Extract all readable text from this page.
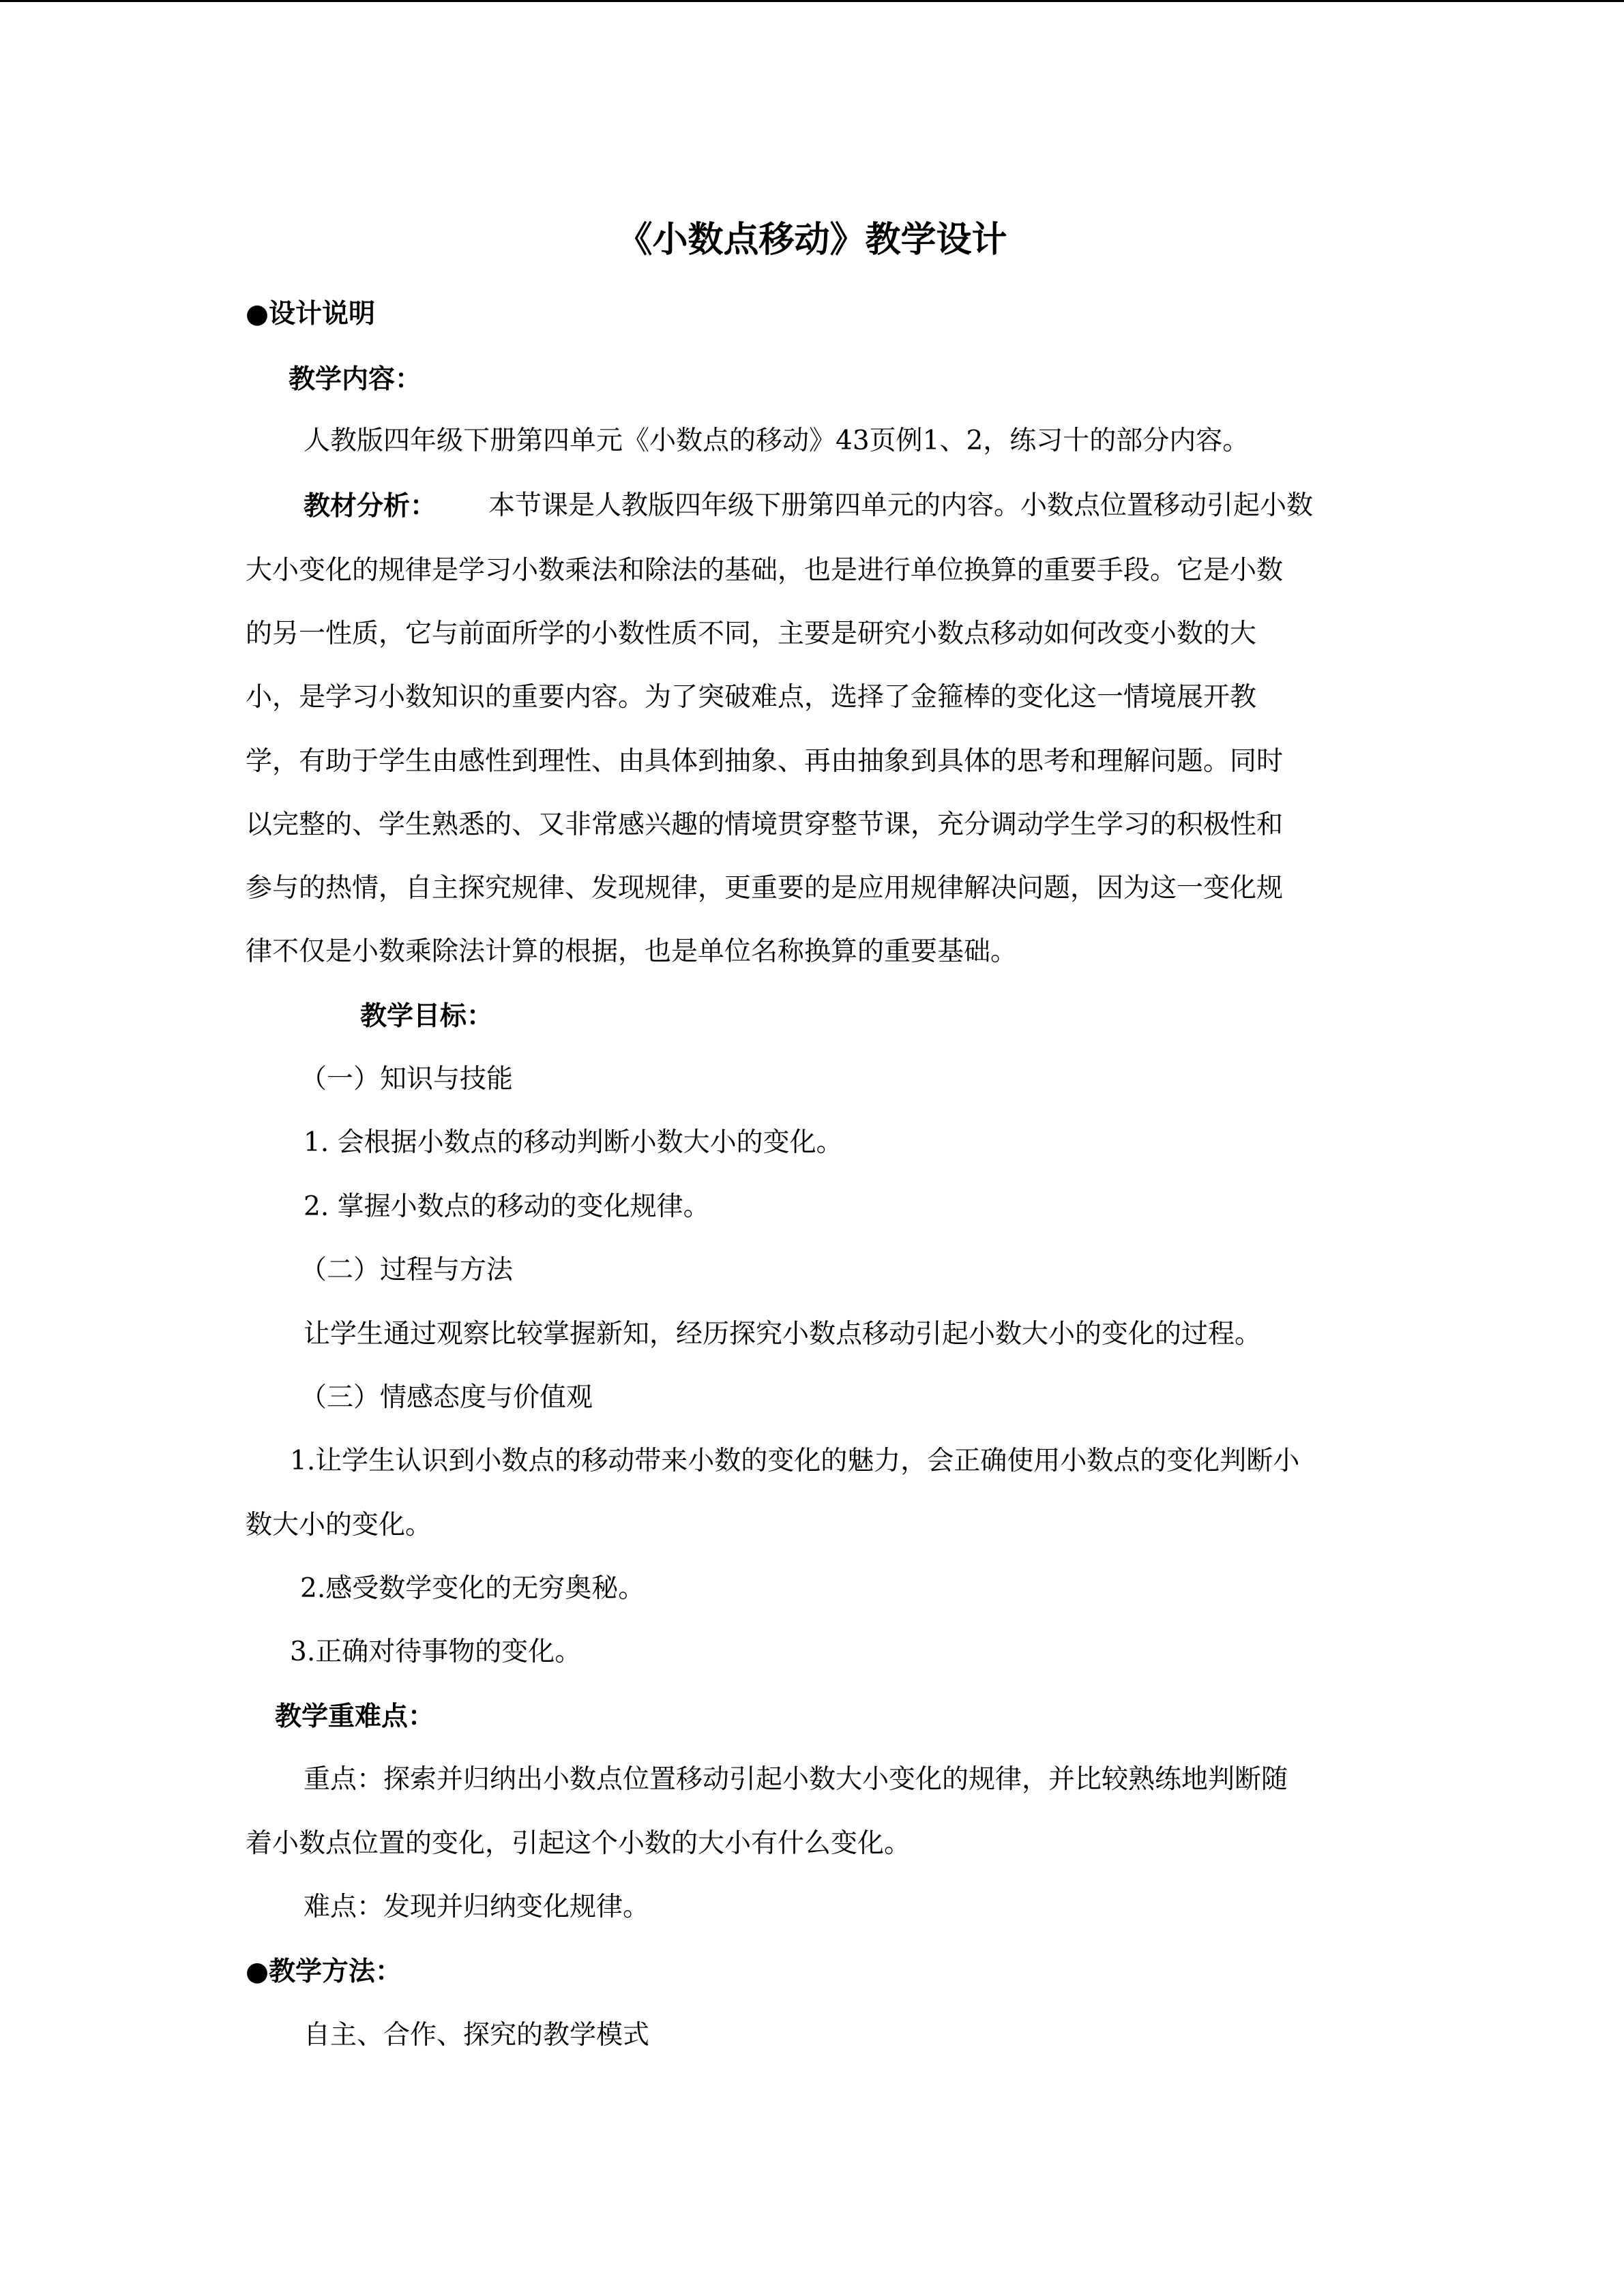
《小数点移动》教学设计
●设计说明
教学内容：
人教版四年级下册第四单元《小数点的移动》43页例1、2，练习十的部分内容。
教材分析： 本节课是人教版四年级下册第四单元的内容。小数点位置移动引起小数
大小变化的规律是学习小数乘法和除法的基础，也是进行单位换算的重要手段。它是小数
的另一性质，它与前面所学的小数性质不同，主要是研究小数点移动如何改变小数的大
小，是学习小数知识的重要内容。为了突破难点，选择了金箍棒的变化这一情境展开教
学，有助于学生由感性到理性、由具体到抽象、再由抽象到具体的思考和理解问题。同时
以完整的、学生熟悉的、又非常感兴趣的情境贯穿整节课，充分调动学生学习的积极性和
参与的热情，自主探究规律、发现规律，更重要的是应用规律解决问题，因为这一变化规
律不仅是小数乘除法计算的根据，也是单位名称换算的重要基础。
教学目标：
（一）知识与技能
1. 会根据小数点的移动判断小数大小的变化。
2. 掌握小数点的移动的变化规律。
（二）过程与方法
让学生通过观察比较掌握新知，经历探究小数点移动引起小数大小的变化的过程。
（三）情感态度与价值观
1.让学生认识到小数点的移动带来小数的变化的魅力，会正确使用小数点的变化判断小
数大小的变化。
2.感受数学变化的无穷奥秘。
3.正确对待事物的变化。
教学重难点：
重点：探索并归纳出小数点位置移动引起小数大小变化的规律，并比较熟练地判断随
着小数点位置的变化，引起这个小数的大小有什么变化。
难点：发现并归纳变化规律。
●教学方法：
自主、合作、探究的教学模式
